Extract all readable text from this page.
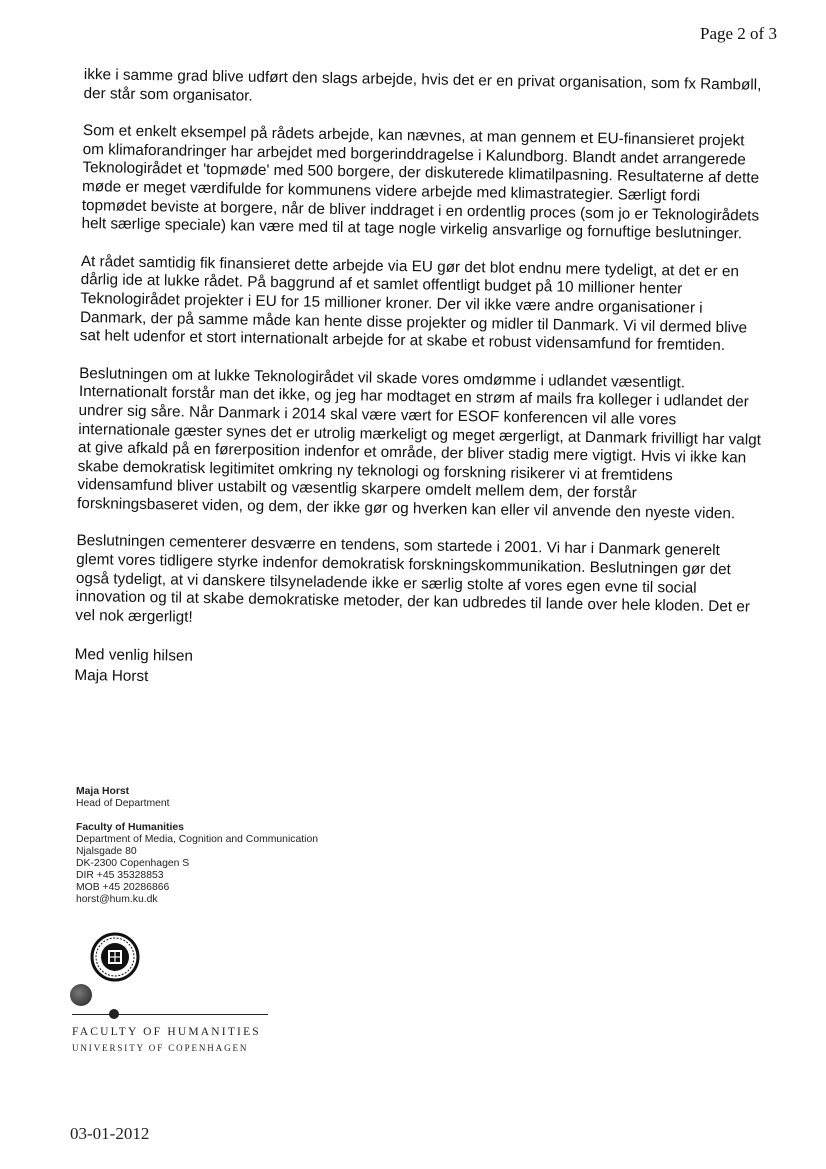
Page 2 of 3

ikke i samme grad blive udført den slags arbejde, hvis det er en privat organisation, som fx Rambøll, der står som organisator.

Som et enkelt eksempel på rådets arbejde, kan nævnes, at man gennem et EU-finansieret projekt om klimaforandringer har arbejdet med borgerinddragelse i Kalundborg. Blandt andet arrangerede Teknologirådet et 'topmøde' med 500 borgere, der diskuterede klimatilpasning. Resultaterne af dette møde er meget værdifulde for kommunens videre arbejde med klimastrategier. Særligt fordi topmødet beviste at borgere, når de bliver inddraget i en ordentlig proces (som jo er Teknologirådets helt særlige speciale) kan være med til at tage nogle virkelig ansvarlige og fornuftige beslutninger.

At rådet samtidig fik finansieret dette arbejde via EU gør det blot endnu mere tydeligt, at det er en dårlig ide at lukke rådet. På baggrund af et samlet offentligt budget på 10 millioner henter Teknologirådet projekter i EU for 15 millioner kroner. Der vil ikke være andre organisationer i Danmark, der på samme måde kan hente disse projekter og midler til Danmark. Vi vil dermed blive sat helt udenfor et stort internationalt arbejde for at skabe et robust vidensamfund for fremtiden.

Beslutningen om at lukke Teknologirådet vil skade vores omdømme i udlandet væsentligt. Internationalt forstår man det ikke, og jeg har modtaget en strøm af mails fra kolleger i udlandet der undrer sig såre. Når Danmark i 2014 skal være vært for ESOF konferencen vil alle vores internationale gæster synes det er utrolig mærkeligt og meget ærgerligt, at Danmark frivilligt har valgt at give afkald på en førerposition indenfor et område, der bliver stadig mere vigtigt. Hvis vi ikke kan skabe demokratisk legitimitet omkring ny teknologi og forskning risikerer vi at fremtidens vidensamfund bliver ustabilt og væsentlig skarpere omdelt mellem dem, der forstår forskningsbaseret viden, og dem, der ikke gør og hverken kan eller vil anvende den nyeste viden.

Beslutningen cementerer desværre en tendens, som startede i 2001. Vi har i Danmark generelt glemt vores tidligere styrke indenfor demokratisk forskningskommunikation. Beslutningen gør det også tydeligt, at vi danskere tilsyneladende ikke er særlig stolte af vores egen evne til social innovation og til at skabe demokratiske metoder, der kan udbredes til lande over hele kloden. Det er vel nok ærgerligt!

Med venlig hilsen
Maja Horst
Maja Horst
Head of Department
Faculty of Humanities
Department of Media, Cognition and Communication
Njalsgade 80
DK-2300 Copenhagen S
DIR +45 35328853
MOB +45 20286866
horst@hum.ku.dk
FACULTY OF HUMANITIES
UNIVERSITY OF COPENHAGEN
03-01-2012
